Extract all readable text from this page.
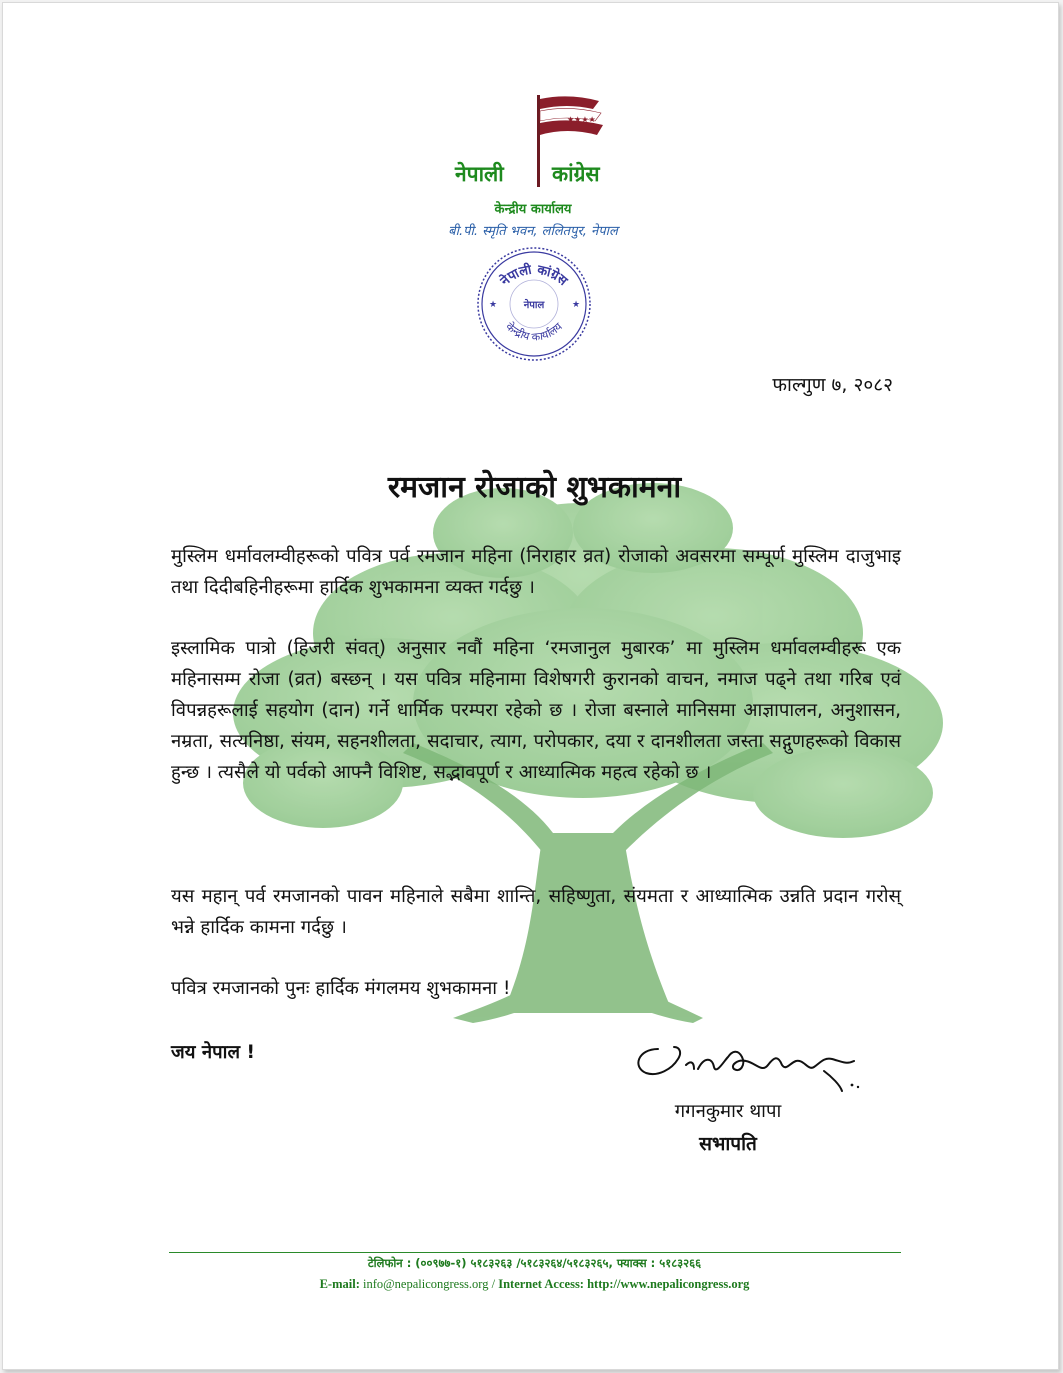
★★★★
नेपाली कांग्रेस
केन्द्रीय कार्यालय
बी.पी. स्मृति भवन, ललितपुर, नेपाल
नेपाली कांग्रेस
नेपाल
केन्द्रीय कार्यालय
★	★
फाल्गुण ७, २०८२
रमजान रोजाको शुभकामना
मुस्लिम धर्मावलम्वीहरूको पवित्र पर्व रमजान महिना (निराहार व्रत) रोजाको अवसरमा सम्पूर्ण मुस्लिम दाजुभाइ तथा दिदीबहिनीहरूमा हार्दिक शुभकामना व्यक्त गर्दछु ।
इस्लामिक पात्रो (हिजरी संवत्) अनुसार नवौं महिना ‘रमजानुल मुबारक’ मा मुस्लिम धर्मावलम्वीहरू एक महिनासम्म रोजा (व्रत) बस्छन् । यस पवित्र महिनामा विशेषगरी कुरानको वाचन, नमाज पढ्ने तथा गरिब एवं विपन्नहरूलाई सहयोग (दान) गर्ने धार्मिक परम्परा रहेको छ । रोजा बस्नाले मानिसमा आज्ञापालन, अनुशासन, नम्रता, सत्यनिष्ठा, संयम, सहनशीलता, सदाचार, त्याग, परोपकार, दया र दानशीलता जस्ता सद्गुणहरूको विकास हुन्छ । त्यसैले यो पर्वको आफ्नै विशिष्ट, सद्भावपूर्ण र आध्यात्मिक महत्व रहेको छ ।
यस महान् पर्व रमजानको पावन महिनाले सबैमा शान्ति, सहिष्णुता, संयमता र आध्यात्मिक उन्नति प्रदान गरोस् भन्ने हार्दिक कामना गर्दछु ।
पवित्र रमजानको पुनः हार्दिक मंगलमय शुभकामना !
जय नेपाल !
गगनकुमार थापा
सभापति
टेलिफोन : (००९७७-१) ५१८३२६३ /५१८३२६४/५१८३२६५, फ्याक्स : ५१८३२६६
E-mail: info@nepalicongress.org / Internet Access: http://www.nepalicongress.org
